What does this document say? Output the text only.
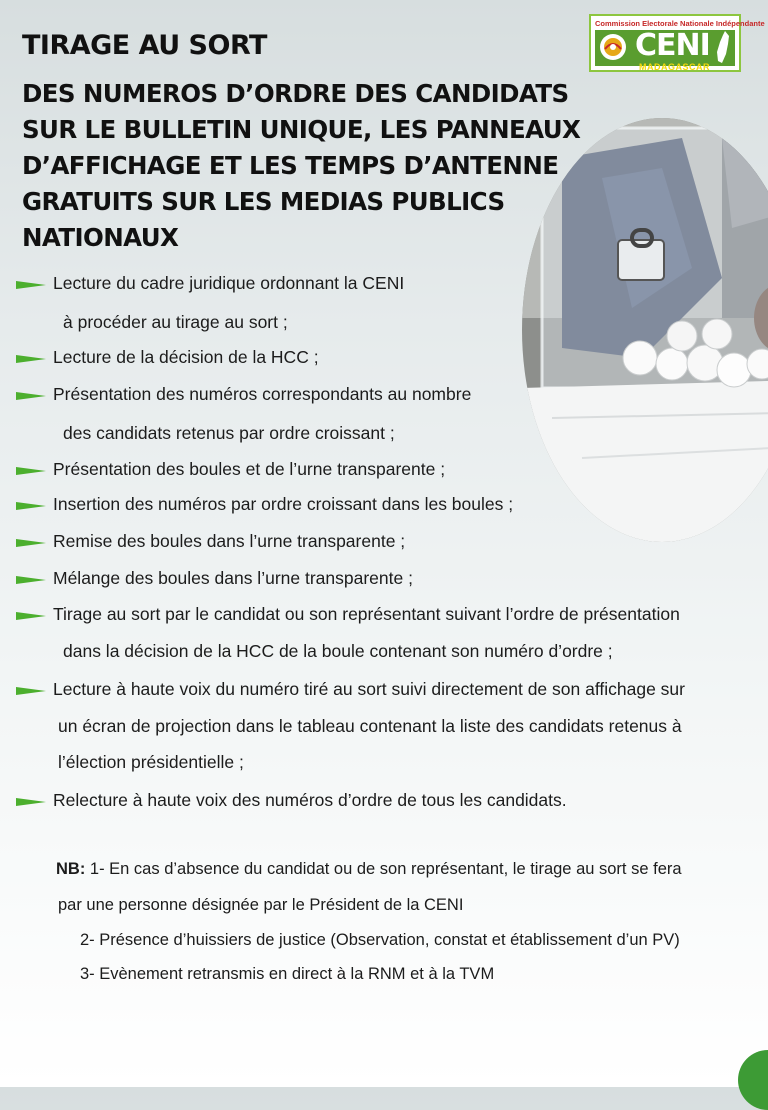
Commission Electorale Nationale Indépendante
CENI
MADAGASCAR
TIRAGE AU SORT
DES NUMEROS D’ORDRE DES CANDIDATS
SUR LE BULLETIN UNIQUE, LES PANNEAUX
D’AFFICHAGE ET LES TEMPS D’ANTENNE
GRATUITS SUR LES MEDIAS PUBLICS
NATIONAUX
Lecture du cadre juridique ordonnant la CENI
à procéder au tirage au sort ;
Lecture de la décision de la HCC ;
Présentation des numéros correspondants au nombre
des candidats retenus par ordre croissant ;
Présentation des boules et de l’urne transparente ;
Insertion des numéros par ordre croissant dans les boules ;
Remise des boules dans l’urne transparente ;
Mélange des boules dans l’urne transparente ;
Tirage au sort par le candidat ou son représentant suivant l’ordre de présentation
dans la décision de la HCC de la boule contenant son numéro d’ordre ;
Lecture à haute voix du numéro tiré au sort suivi directement de son affichage sur
un écran de projection dans le tableau contenant la liste des candidats retenus à
l’élection présidentielle ;
Relecture à haute voix des numéros d’ordre de tous les candidats.
NB: 1- En cas d’absence du candidat ou de son représentant, le tirage au sort se fera
par une personne désignée par le Président de la CENI
2- Présence d’huissiers de justice (Observation, constat et établissement d’un PV)
3- Evènement retransmis en direct à la RNM et à la TVM
